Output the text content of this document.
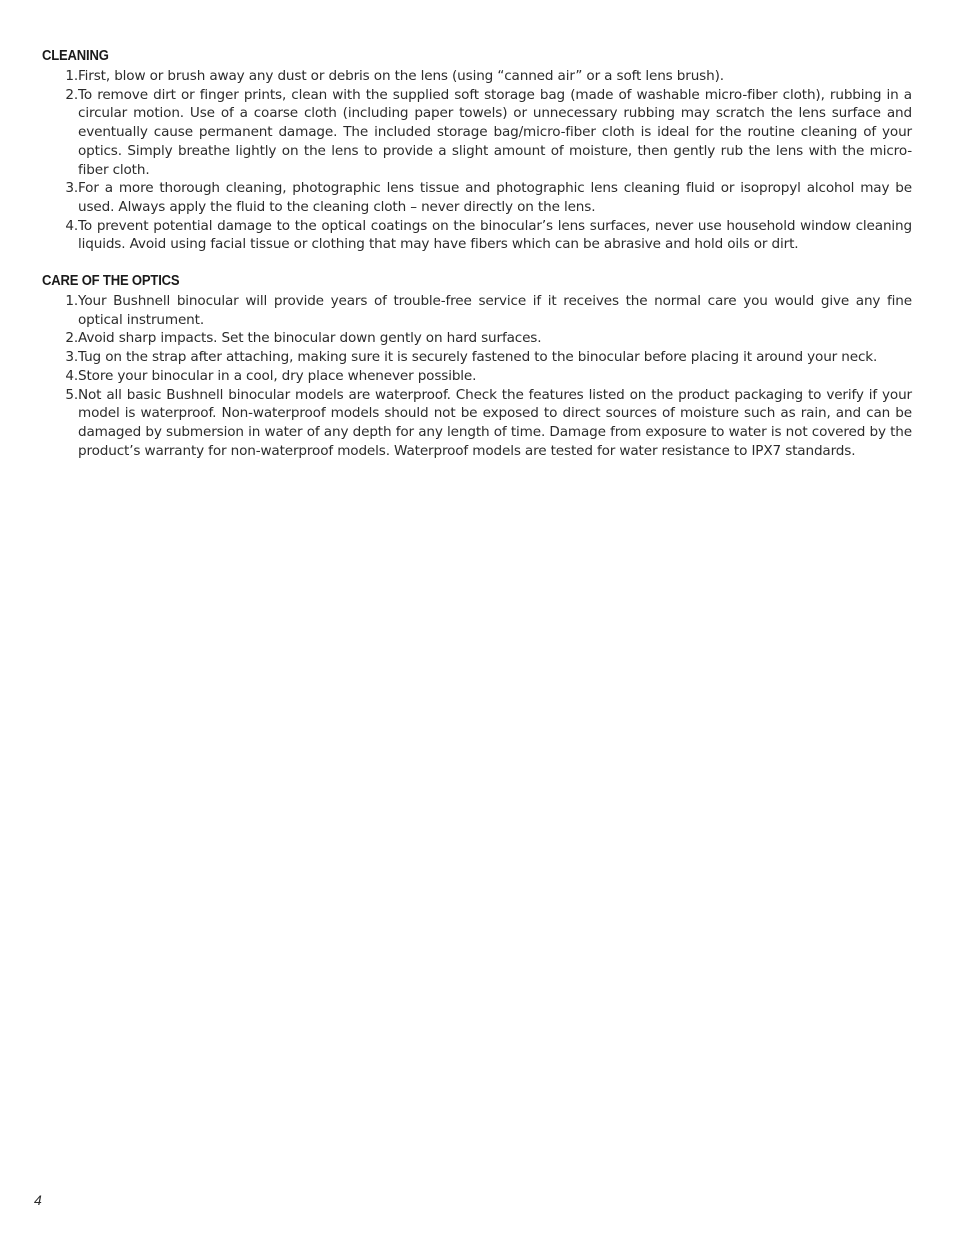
CLEANING
1. First, blow or brush away any dust or debris on the lens (using “canned air” or a soft lens brush).
2. To remove dirt or finger prints, clean with the supplied soft storage bag (made of washable micro-fiber cloth), rubbing in a circular motion. Use of a coarse cloth (including paper towels) or unnecessary rubbing may scratch the lens surface and eventually cause permanent damage. The included storage bag/micro-fiber cloth is ideal for the routine cleaning of your optics. Simply breathe lightly on the lens to provide a slight amount of moisture, then gently rub the lens with the micro-fiber cloth.
3. For a more thorough cleaning, photographic lens tissue and photographic lens cleaning fluid or isopropyl alcohol may be used. Always apply the fluid to the cleaning cloth – never directly on the lens.
4. To prevent potential damage to the optical coatings on the binocular’s lens surfaces, never use household window cleaning liquids. Avoid using facial tissue or clothing that may have fibers which can be abrasive and hold oils or dirt.
CARE OF THE OPTICS
1. Your Bushnell binocular will provide years of trouble-free service if it receives the normal care you would give any fine optical instrument.
2. Avoid sharp impacts. Set the binocular down gently on hard surfaces.
3. Tug on the strap after attaching, making sure it is securely fastened to the binocular before placing it around your neck.
4. Store your binocular in a cool, dry place whenever possible.
5. Not all basic Bushnell binocular models are waterproof. Check the features listed on the product packaging to verify if your model is waterproof. Non-waterproof models should not be exposed to direct sources of moisture such as rain, and can be damaged by submersion in water of any depth for any length of time. Damage from exposure to water is not covered by the product’s warranty for non-waterproof models. Waterproof models are tested for water resistance to IPX7 standards.
4
